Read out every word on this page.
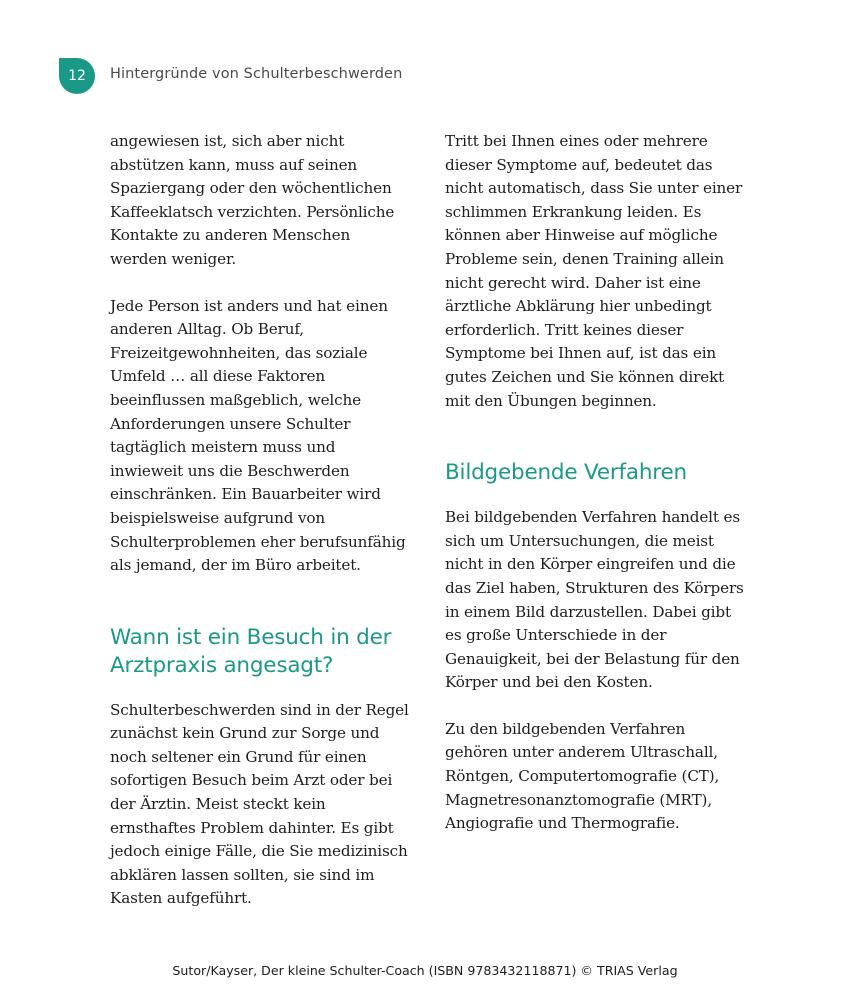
12 Hintergründe von Schulterbeschwerden

angewiesen ist, sich aber nicht abstützen kann, muss auf seinen Spaziergang oder den wöchentlichen Kaffeeklatsch verzichten. Persönliche Kontakte zu anderen Menschen werden weniger.

Jede Person ist anders und hat einen anderen Alltag. Ob Beruf, Freizeitgewohnheiten, das soziale Umfeld … all diese Faktoren beeinflussen maßgeblich, welche Anforderungen unsere Schulter tagtäglich meistern muss und inwieweit uns die Beschwerden einschränken. Ein Bauarbeiter wird beispielsweise aufgrund von Schulterproblemen eher berufsunfähig als jemand, der im Büro arbeitet.

Wann ist ein Besuch in der Arztpraxis angesagt?

Schulterbeschwerden sind in der Regel zunächst kein Grund zur Sorge und noch seltener ein Grund für einen sofortigen Besuch beim Arzt oder bei der Ärztin. Meist steckt kein ernsthaftes Problem dahinter. Es gibt jedoch einige Fälle, die Sie medizinisch abklären lassen sollten, sie sind im Kasten aufgeführt.

Tritt bei Ihnen eines oder mehrere dieser Symptome auf, bedeutet das nicht automatisch, dass Sie unter einer schlimmen Erkrankung leiden. Es können aber Hinweise auf mögliche Probleme sein, denen Training allein nicht gerecht wird. Daher ist eine ärztliche Abklärung hier unbedingt erforderlich. Tritt keines dieser Symptome bei Ihnen auf, ist das ein gutes Zeichen und Sie können direkt mit den Übungen beginnen.

Bildgebende Verfahren

Bei bildgebenden Verfahren handelt es sich um Untersuchungen, die meist nicht in den Körper eingreifen und die das Ziel haben, Strukturen des Körpers in einem Bild darzustellen. Dabei gibt es große Unterschiede in der Genauigkeit, bei der Belastung für den Körper und bei den Kosten.

Zu den bildgebenden Verfahren gehören unter anderem Ultraschall, Röntgen, Computertomografie (CT), Magnetresonanztomografie (MRT), Angiografie und Thermografie.

Sutor/Kayser, Der kleine Schulter-Coach (ISBN 9783432118871) © TRIAS Verlag
